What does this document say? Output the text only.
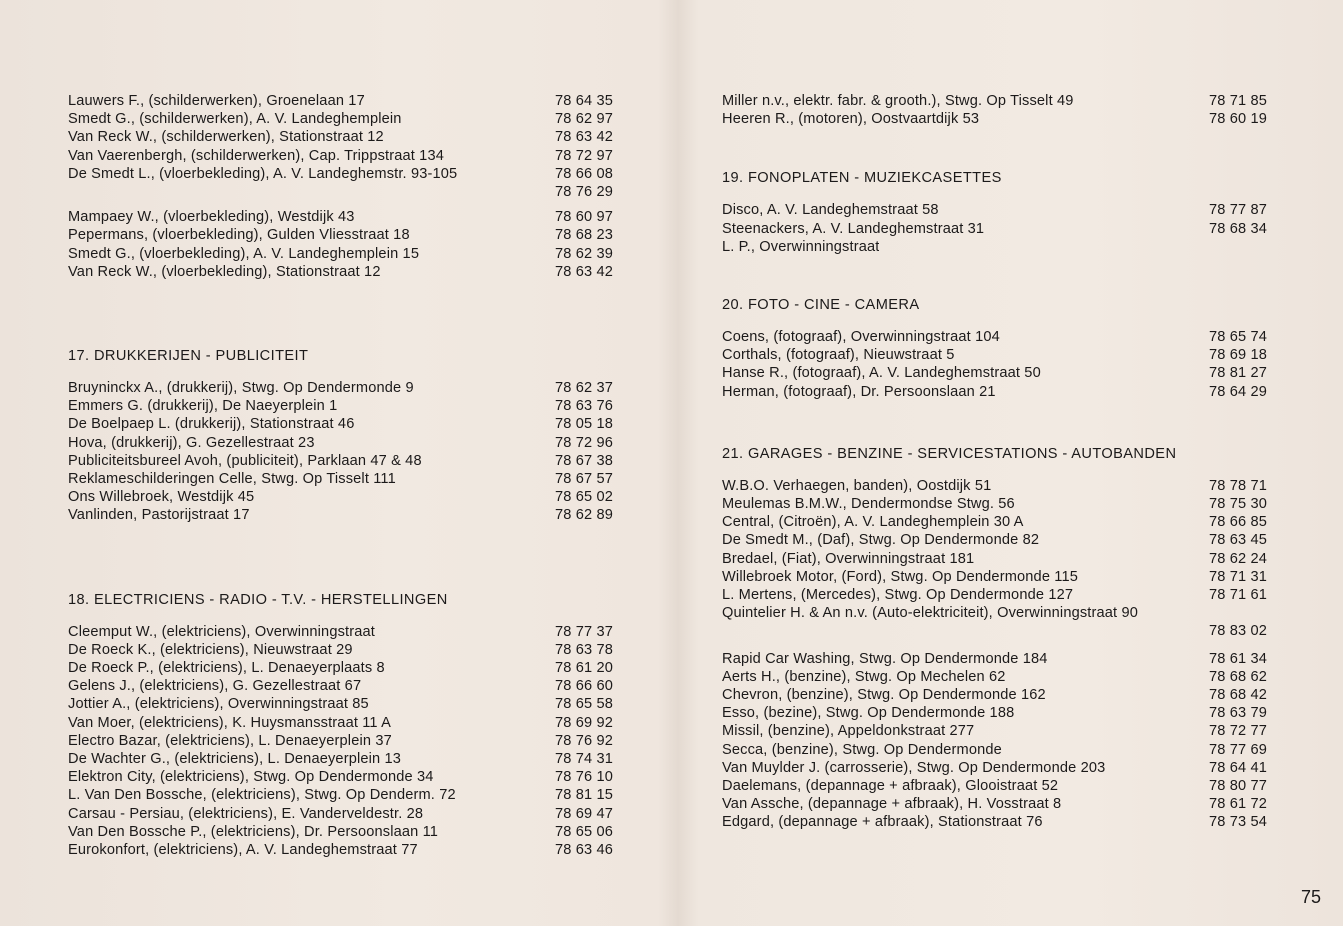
Lauwers F., (schilderwerken), Groenelaan 17	78 64 35
Smedt G., (schilderwerken), A. V. Landeghemplein	78 62 97
Van Reck W., (schilderwerken), Stationstraat 12	78 63 42
Van Vaerenbergh, (schilderwerken), Cap. Trippstraat 134	78 72 97
De Smedt L., (vloerbekleding), A. V. Landeghemstr. 93-105	78 66 08
78 76 29
Mampaey W., (vloerbekleding), Westdijk 43	78 60 97
Pepermans, (vloerbekleding), Gulden Vliesstraat 18	78 68 23
Smedt G., (vloerbekleding), A. V. Landeghemplein 15	78 62 39
Van Reck W., (vloerbekleding), Stationstraat 12	78 63 42
17. DRUKKERIJEN - PUBLICITEIT
Bruyninckx A., (drukkerij), Stwg. Op Dendermonde 9	78 62 37
Emmers G. (drukkerij), De Naeyerplein 1	78 63 76
De Boelpaep L. (drukkerij), Stationstraat 46	78 05 18
Hova, (drukkerij), G. Gezellestraat 23	78 72 96
Publiciteitsbureel Avoh, (publiciteit), Parklaan 47 & 48	78 67 38
Reklameschilderingen Celle, Stwg. Op Tisselt 111	78 67 57
Ons Willebroek, Westdijk 45	78 65 02
Vanlinden, Pastorijstraat 17	78 62 89
18. ELECTRICIENS - RADIO - T.V. - HERSTELLINGEN
Cleemput W., (elektriciens), Overwinningstraat	78 77 37
De Roeck K., (elektriciens), Nieuwstraat 29	78 63 78
De Roeck P., (elektriciens), L. Denaeyerplaats 8	78 61 20
Gelens J., (elektriciens), G. Gezellestraat 67	78 66 60
Jottier A., (elektriciens), Overwinningstraat 85	78 65 58
Van Moer, (elektriciens), K. Huysmansstraat 11 A	78 69 92
Electro Bazar, (elektriciens), L. Denaeyerplein 37	78 76 92
De Wachter G., (elektriciens), L. Denaeyerplein 13	78 74 31
Elektron City, (elektriciens), Stwg. Op Dendermonde 34	78 76 10
L. Van Den Bossche, (elektriciens), Stwg. Op Denderm. 72	78 81 15
Carsau - Persiau, (elektriciens), E. Vanderveldestr. 28	78 69 47
Van Den Bossche P., (elektriciens), Dr. Persoonslaan 11	78 65 06
Eurokonfort, (elektriciens), A. V. Landeghemstraat 77	78 63 46
Miller n.v., elektr. fabr. & grooth.), Stwg. Op Tisselt 49	78 71 85
Heeren R., (motoren), Oostvaartdijk 53	78 60 19
19. FONOPLATEN - MUZIEKCASETTES
Disco, A. V. Landeghemstraat 58	78 77 87
Steenackers, A. V. Landeghemstraat 31	78 68 34
L. P., Overwinningstraat
20. FOTO - CINE - CAMERA
Coens, (fotograaf), Overwinningstraat 104	78 65 74
Corthals, (fotograaf), Nieuwstraat 5	78 69 18
Hanse R., (fotograaf), A. V. Landeghemstraat 50	78 81 27
Herman, (fotograaf), Dr. Persoonslaan 21	78 64 29
21. GARAGES - BENZINE - SERVICESTATIONS - AUTOBANDEN
W.B.O. Verhaegen, banden), Oostdijk 51	78 78 71
Meulemas B.M.W., Dendermondse Stwg. 56	78 75 30
Central, (Citroën), A. V. Landeghemplein 30 A	78 66 85
De Smedt M., (Daf), Stwg. Op Dendermonde 82	78 63 45
Bredael, (Fiat), Overwinningstraat 181	78 62 24
Willebroek Motor, (Ford), Stwg. Op Dendermonde 115	78 71 31
L. Mertens, (Mercedes), Stwg. Op Dendermonde 127	78 71 61
Quintelier H. & An n.v. (Auto-elektriciteit), Overwinningstraat 90
78 83 02
Rapid Car Washing, Stwg. Op Dendermonde 184	78 61 34
Aerts H., (benzine), Stwg. Op Mechelen 62	78 68 62
Chevron, (benzine), Stwg. Op Dendermonde 162	78 68 42
Esso, (bezine), Stwg. Op Dendermonde 188	78 63 79
Missil, (benzine), Appeldonkstraat 277	78 72 77
Secca, (benzine), Stwg. Op Dendermonde	78 77 69
Van Muylder J. (carrosserie), Stwg. Op Dendermonde 203	78 64 41
Daelemans, (depannage + afbraak), Glooistraat 52	78 80 77
Van Assche, (depannage + afbraak), H. Vosstraat 8	78 61 72
Edgard, (depannage + afbraak), Stationstraat 76	78 73 54
75
